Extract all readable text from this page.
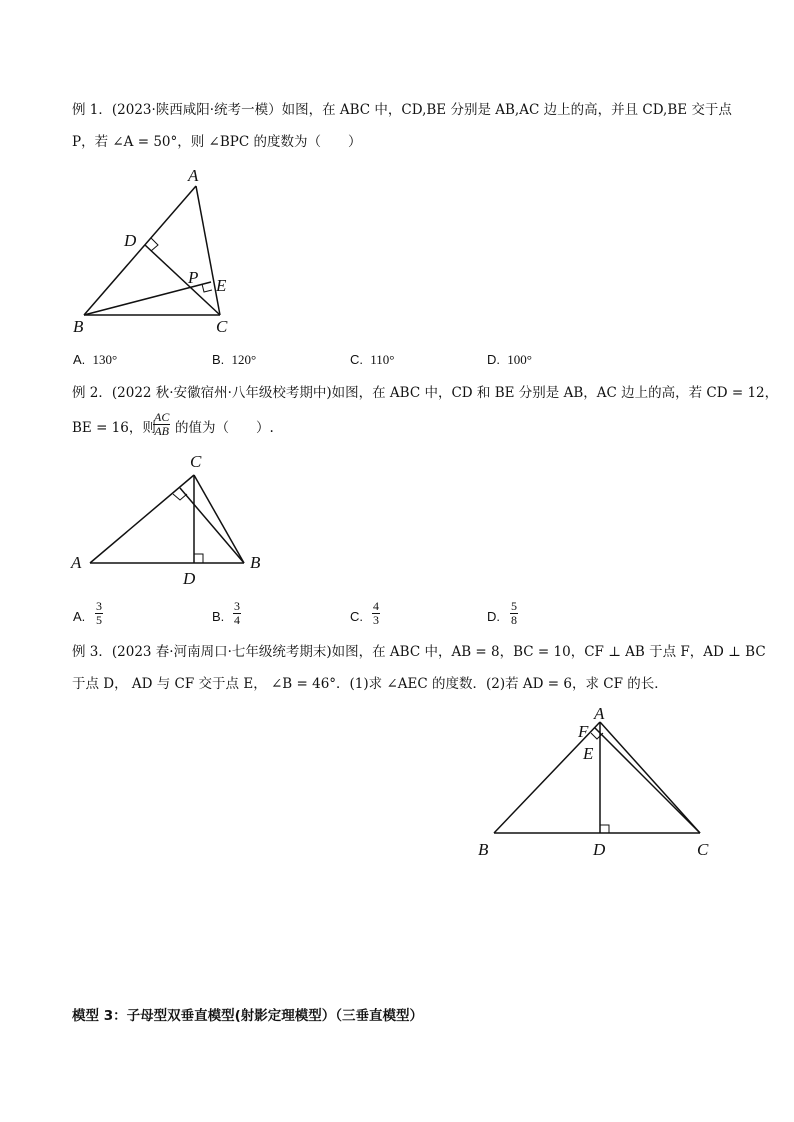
例 1．(2023·陕西咸阳·统考一模）如图，在 ABC 中，CD,BE 分别是 AB,AC 边上的高，并且 CD,BE 交于点
P，若 ∠A = 50°，则 ∠BPC 的度数为（　　）
A
D
P E
B	C
A. 130°	B. 120°	C. 110°	D. 100°
例 2．(2022 秋·安徽宿州·八年级校考期中)如图，在 ABC 中，CD 和 BE 分别是 AB，AC 边上的高，若 CD = 12，
BE = 16，则
$\frac{AC}{AB}$ 的值为（　　）.
C
A	B
D
A. $\frac{3}{5}$	B. $\frac{3}{4}$	C. $\frac{4}{3}$	D. $\frac{5}{8}$
例 3．(2023 春·河南周口·七年级统考期末)如图，在 ABC 中，AB = 8，BC = 10，CF ⊥ AB 于点 F，AD ⊥ BC
于点 D， AD 与 CF 交于点 E， ∠B = 46°．(1)求 ∠AEC 的度数．(2)若 AD = 6，求 CF 的长．
A
F
E
B	D	C
模型 3：子母型双垂直模型(射影定理模型）（三垂直模型）
